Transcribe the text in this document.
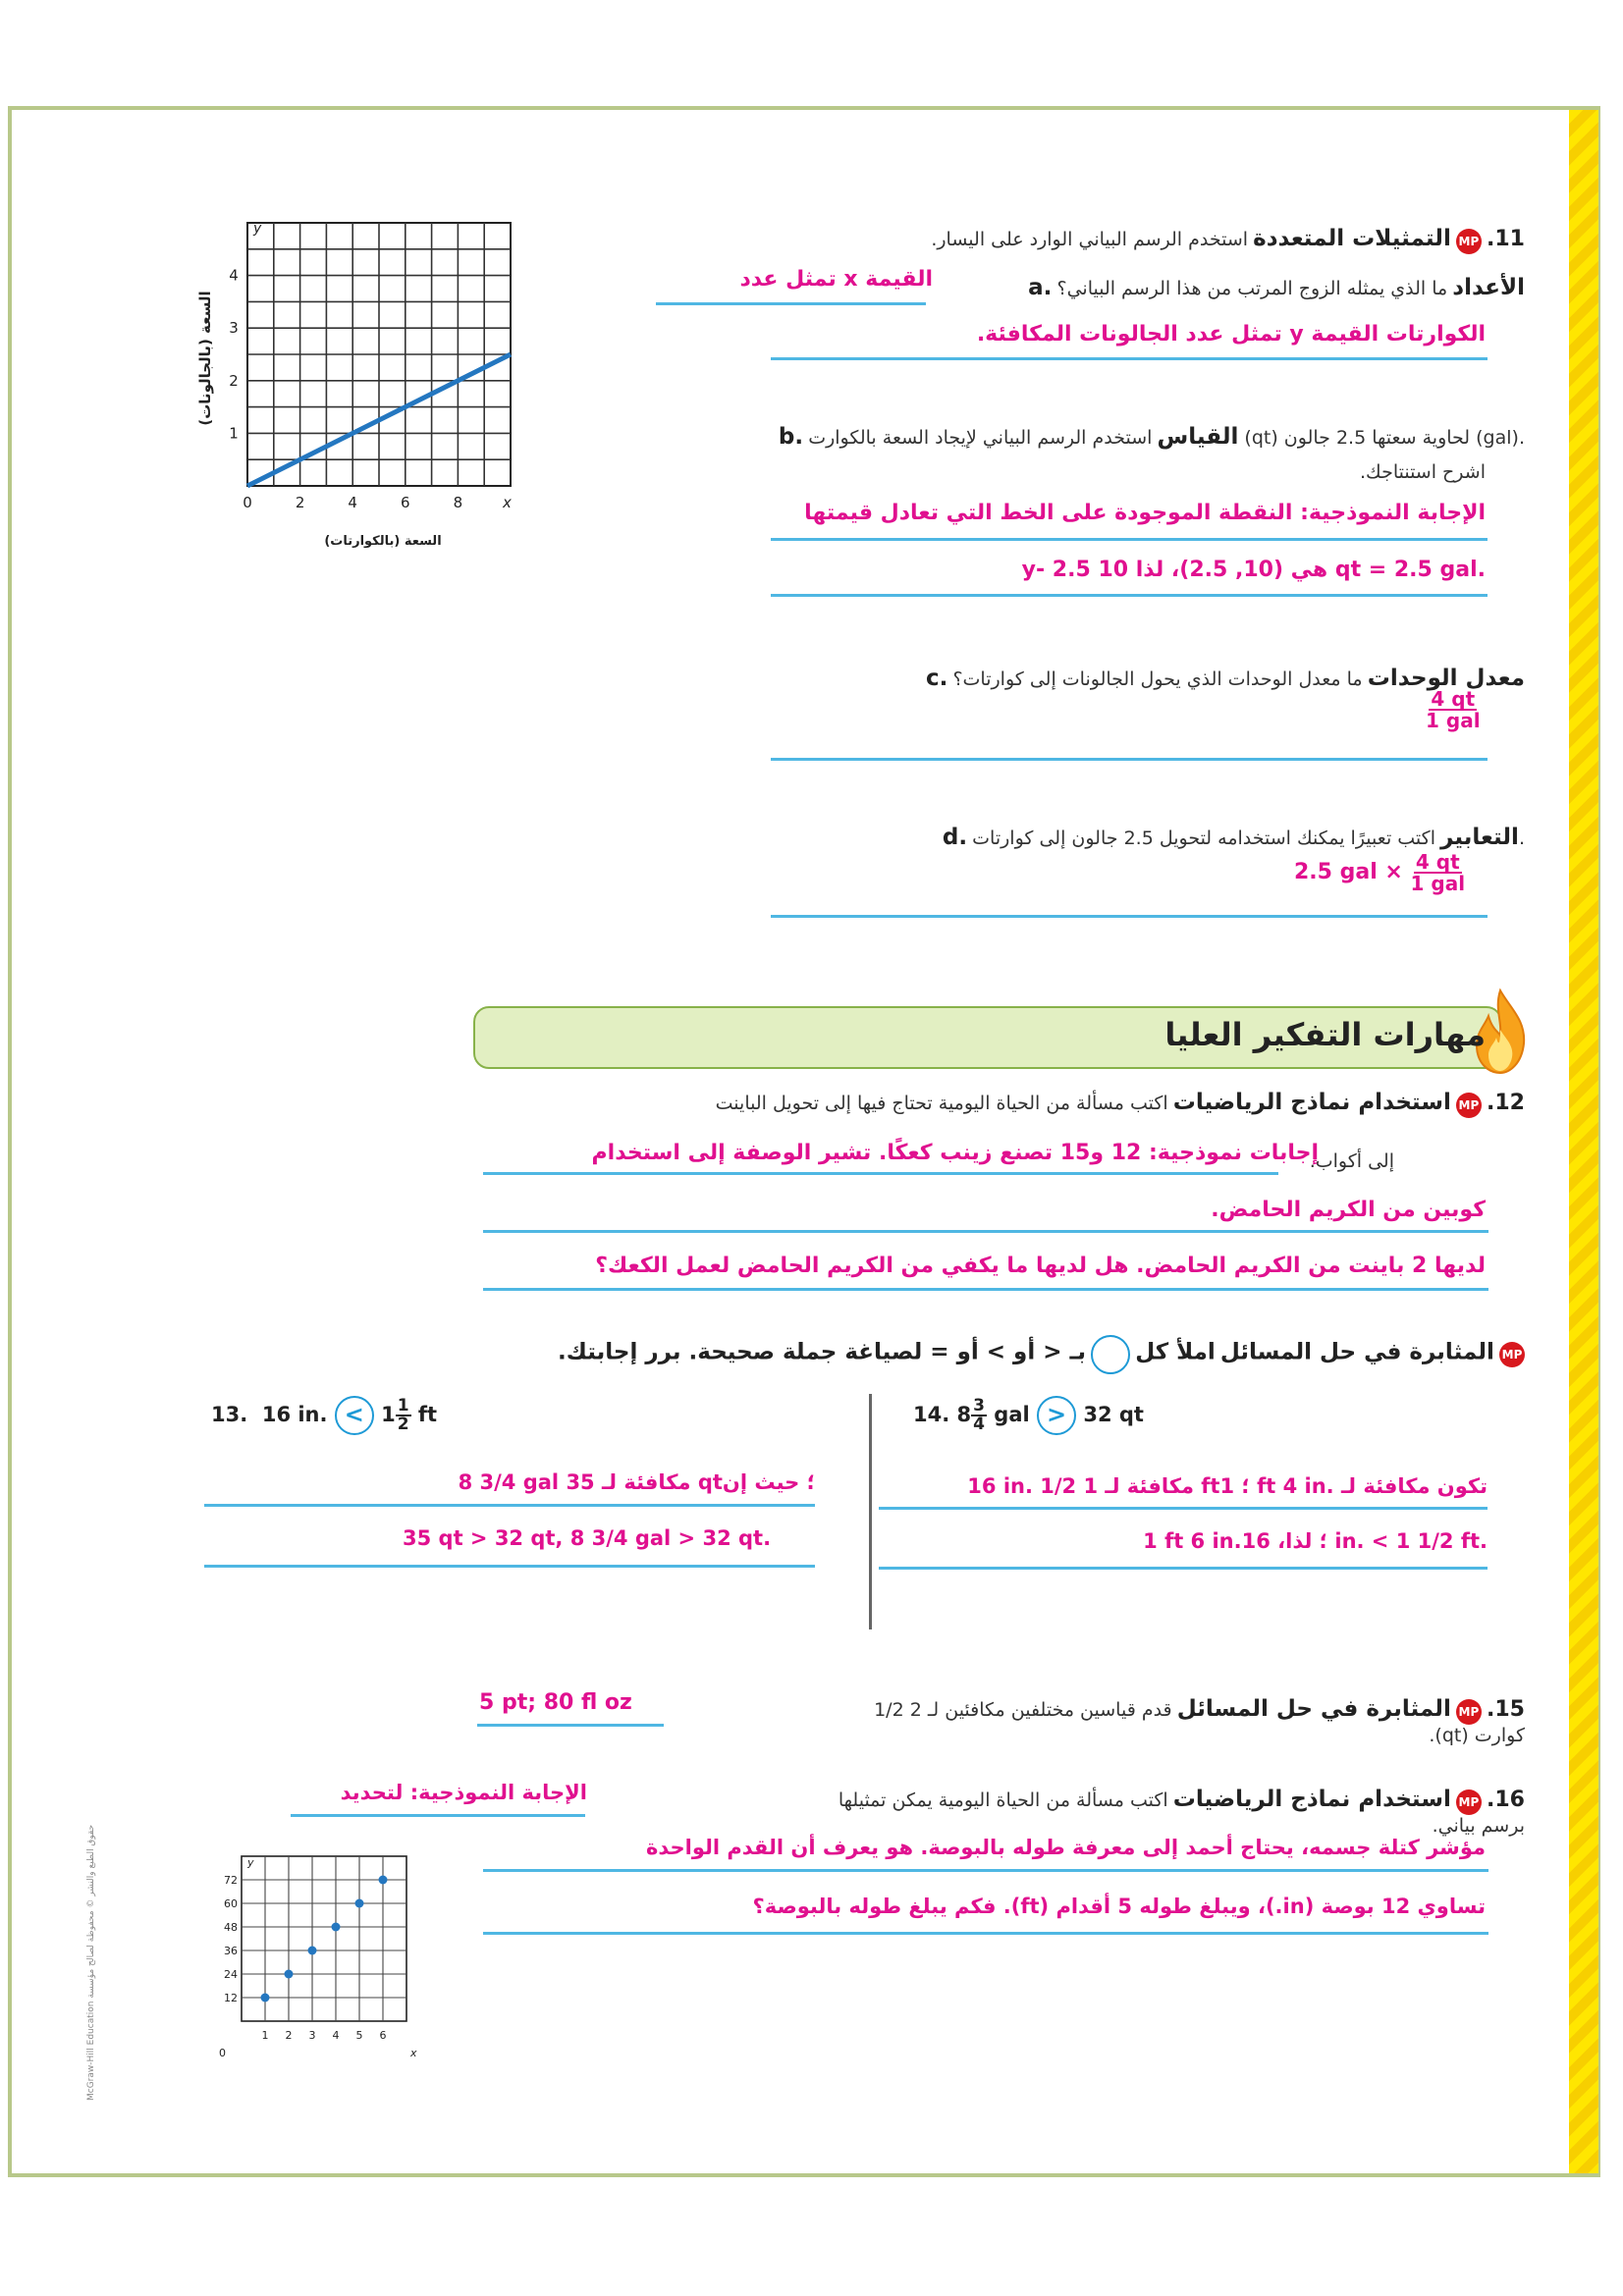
y
x
0	2	4	6	8
1
2
3
4
السعة (بالكوارتات)
السعة (بالجالونات)
11. MP التمثيلات المتعددة استخدم الرسم البياني الوارد على اليسار.
a.	الأعداد ما الذي يمثله الزوج المرتب من هذا الرسم البياني؟
القيمة x تمثل عدد
الكوارتات القيمة y تمثل عدد الجالونات المكافئة.
b.	القياس استخدم الرسم البياني لإيجاد السعة بالكوارت (qt) لحاوية سعتها 2.5 جالون (gal).
اشرح استنتاجك.
الإجابة النموذجية: النقطة الموجودة على الخط التي تعادل قيمتها
y- 2.5 هي (10, 2.5)، لذا 10 qt = 2.5 gal.
c.	معدل الوحدات ما معدل الوحدات الذي يحول الجالونات إلى كوارتات؟
$\frac{4 qt}{\text{1 gal}}$
d.	التعابير اكتب تعبيرًا يمكنك استخدامه لتحويل 2.5 جالون إلى كوارتات.
2.5 gal × $\frac{4 qt}{\text{1 gal}}$
مهارات التفكير العليا
12. MP استخدام نماذج الرياضيات اكتب مسألة من الحياة اليومية تحتاج فيها إلى تحويل الباينت
إلى أكواب.
إجابات نموذجية: 12 و15 تصنع زينب كعكًا. تشير الوصفة إلى استخدام
كوبين من الكريم الحامض.
لديها 2 باينت من الكريم الحامض. هل لديها ما يكفي من الكريم الحامض لعمل الكعك؟
MP المثابرة في حل المسائل املأ كل  بـ < أو > أو = لصياغة جملة صحيحة. برر إجابتك.
13. 16 in. < $1 \frac{1}{2}$ ft
8 3/4 gal مكافئة لـ 35 qt؛ حيث إن
35 qt > 32 qt, 8 3/4 gal > 32 qt.
14. $8 \frac{3}{4}$ gal > 32 qt
16 in. مكافئة لـ 1 1/2 ft؛ 1 ft 4 in. تكون مكافئة لـ
1 ft 6 in.؛ لذا، 16 in. < 1 1/2 ft.
15. MP المثابرة في حل المسائل قدم قياسين مختلفين مكافئين لـ 2 1/2 كوارت (qt).
5 pt; 80 fl oz
16. MP استخدام نماذج الرياضيات اكتب مسألة من الحياة اليومية يمكن تمثيلها برسم بياني.
الإجابة النموذجية: لتحديد
مؤشر كتلة جسمه، يحتاج أحمد إلى معرفة طوله بالبوصة. هو يعرف أن القدم الواحدة
تساوي 12 بوصة (in.)، ويبلغ طوله 5 أقدام (ft). فكم يبلغ طوله بالبوصة؟
y
x
0
1 2 3 4 5 6
12
24
36
48
60
72
حقوق الطبع والنشر © محفوظة لصالح مؤسسة McGraw-Hill Education
